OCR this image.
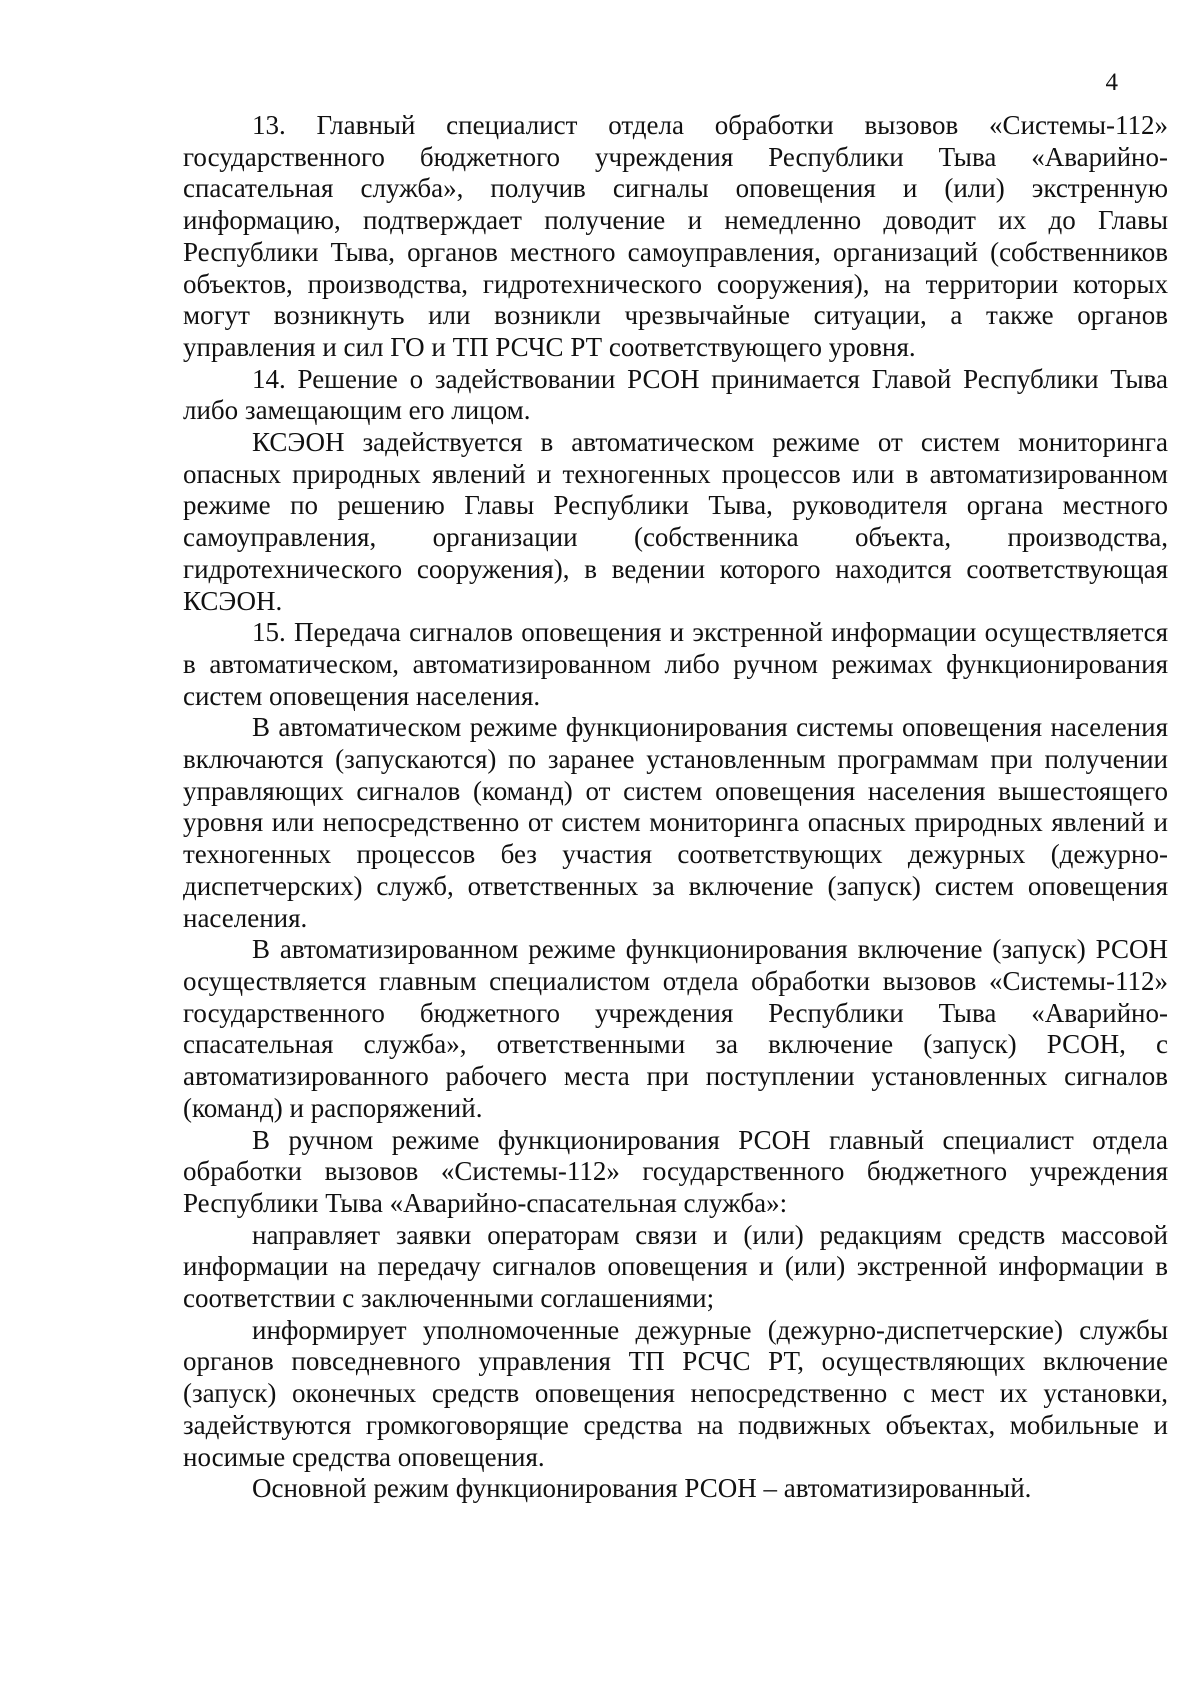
4

13. Главный специалист отдела обработки вызовов «Системы-112» государственного бюджетного учреждения Республики Тыва «Аварийно-спасательная служба», получив сигналы оповещения и (или) экстренную информацию, подтверждает получение и немедленно доводит их до Главы Республики Тыва, органов местного самоуправления, организаций (собственников объектов, производства, гидротехнического сооружения), на территории которых могут возникнуть или возникли чрезвычайные ситуации, а также органов управления и сил ГО и ТП РСЧС РТ соответствующего уровня.

14. Решение о задействовании РСОН принимается Главой Республики Тыва либо замещающим его лицом.

КСЭОН задействуется в автоматическом режиме от систем мониторинга опасных природных явлений и техногенных процессов или в автоматизированном режиме по решению Главы Республики Тыва, руководителя органа местного самоуправления, организации (собственника объекта, производства, гидротехнического сооружения), в ведении которого находится соответствующая КСЭОН.

15. Передача сигналов оповещения и экстренной информации осуществляется в автоматическом, автоматизированном либо ручном режимах функционирования систем оповещения населения.

В автоматическом режиме функционирования системы оповещения населения включаются (запускаются) по заранее установленным программам при получении управляющих сигналов (команд) от систем оповещения населения вышестоящего уровня или непосредственно от систем мониторинга опасных природных явлений и техногенных процессов без участия соответствующих дежурных (дежурно-диспетчерских) служб, ответственных за включение (запуск) систем оповещения населения.

В автоматизированном режиме функционирования включение (запуск) РСОН осуществляется главным специалистом отдела обработки вызовов «Системы-112» государственного бюджетного учреждения Республики Тыва «Аварийно-спасательная служба», ответственными за включение (запуск) РСОН, с автоматизированного рабочего места при поступлении установленных сигналов (команд) и распоряжений.

В ручном режиме функционирования РСОН главный специалист отдела обработки вызовов «Системы-112» государственного бюджетного учреждения Республики Тыва «Аварийно-спасательная служба»:

направляет заявки операторам связи и (или) редакциям средств массовой информации на передачу сигналов оповещения и (или) экстренной информации в соответствии с заключенными соглашениями;

информирует уполномоченные дежурные (дежурно-диспетчерские) службы органов повседневного управления ТП РСЧС РТ, осуществляющих включение (запуск) оконечных средств оповещения непосредственно с мест их установки, задействуются громкоговорящие средства на подвижных объектах, мобильные и носимые средства оповещения.

Основной режим функционирования РСОН – автоматизированный.
